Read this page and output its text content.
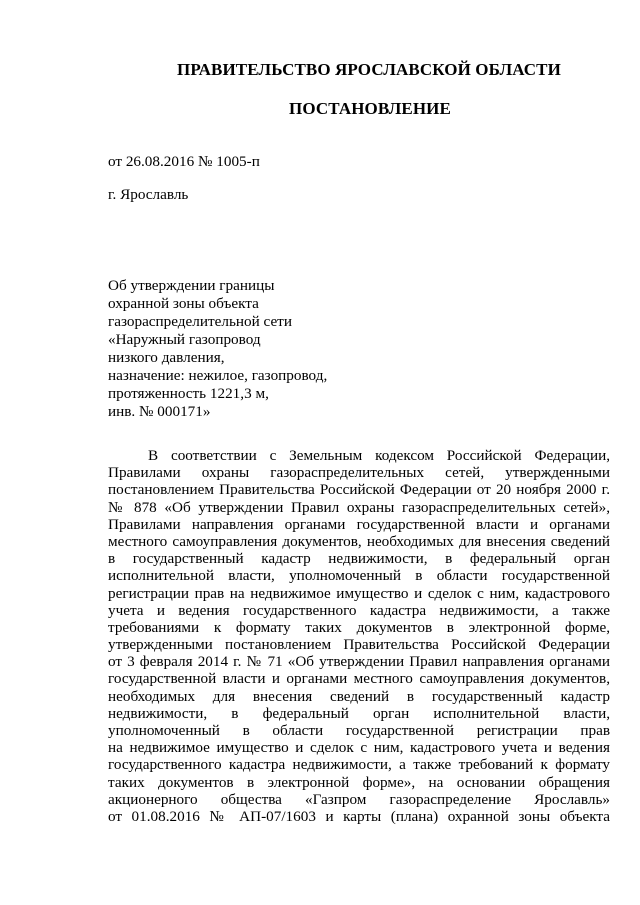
ПРАВИТЕЛЬСТВО ЯРОСЛАВСКОЙ ОБЛАСТИ
ПОСТАНОВЛЕНИЕ

от 26.08.2016 № 1005-п

г. Ярославль

Об утверждении границы

охранной зоны объекта

газораспределительной сети

«Наружный газопровод

низкого давления,

назначение: нежилое, газопровод,

протяженность 1221,3 м,

инв. № 000171»

В соответствии с Земельным кодексом Российской Федерации,
Правилами охраны газораспределительных сетей, утвержденными
постановлением Правительства Российской Федерации от 20 ноября 2000 г.
№ 878 «Об утверждении Правил охраны газораспределительных сетей»,
Правилами направления органами государственной власти и органами
местного самоуправления документов, необходимых для внесения сведений
в государственный кадастр недвижимости, в федеральный орган
исполнительной власти, уполномоченный в области государственной
регистрации прав на недвижимое имущество и сделок с ним, кадастрового
учета и ведения государственного кадастра недвижимости, а также
требованиями к формату таких документов в электронной форме,
утвержденными постановлением Правительства Российской Федерации
от 3 февраля 2014 г. № 71 «Об утверждении Правил направления органами
государственной власти и органами местного самоуправления документов,
необходимых для внесения сведений в государственный кадастр
недвижимости, в федеральный орган исполнительной власти,
уполномоченный в области государственной регистрации прав
на недвижимое имущество и сделок с ним, кадастрового учета и ведения
государственного кадастра недвижимости, а также требований к формату
таких документов в электронной форме», на основании обращения
акционерного общества «Газпром газораспределение Ярославль»
от 01.08.2016 № АП-07/1603 и карты (плана) охранной зоны объекта
